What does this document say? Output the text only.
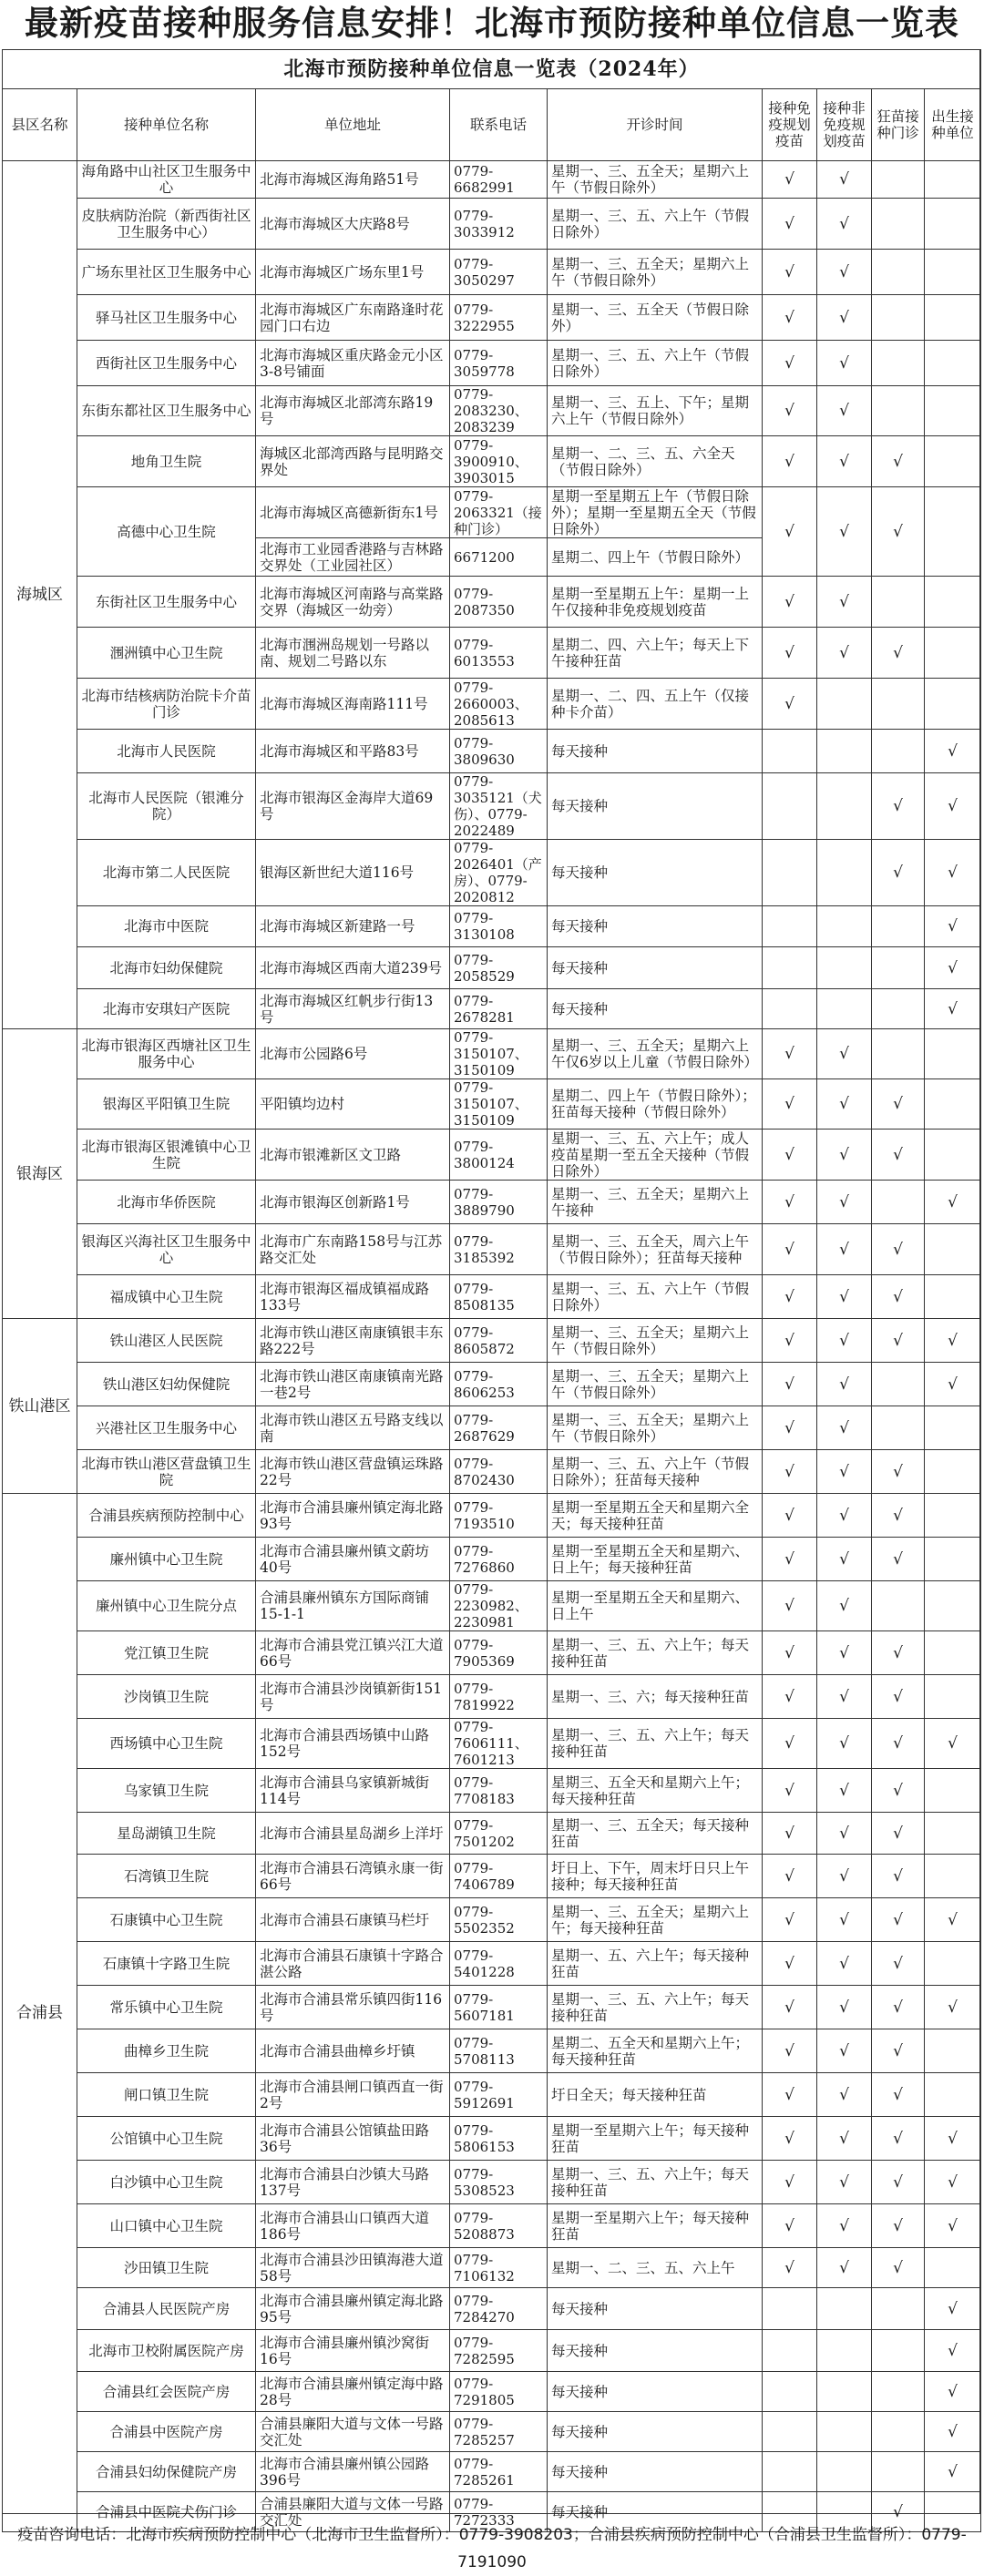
最新疫苗接种服务信息安排！北海市预防接种单位信息一览表
北海市预防接种单位信息一览表（2024年）								
县区名称	接种单位名称	单位地址	联系电话	开诊时间	接种免疫规划疫苗	接种非免疫规划疫苗	狂苗接种门诊	出生接种单位
海城区	海角路中山社区卫生服务中心	北海市海城区海角路51号	0779-6682991	星期一、三、五全天；星期六上午（节假日除外）	√	√		
	皮肤病防治院（新西街社区卫生服务中心）	北海市海城区大庆路8号	0779-3033912	星期一、三、五、六上午（节假日除外）	√	√		
	广场东里社区卫生服务中心	北海市海城区广场东里1号	0779-3050297	星期一、三、五全天；星期六上午（节假日除外）	√	√		
	驿马社区卫生服务中心	北海市海城区广东南路逢时花园门口右边	0779-3222955	星期一、三、五全天（节假日除外）	√	√		
	西街社区卫生服务中心	北海市海城区重庆路金元小区3-8号铺面	0779-3059778	星期一、三、五、六上午（节假日除外）	√	√		
	东街东都社区卫生服务中心	北海市海城区北部湾东路19号	0779-2083230、2083239	星期一、三、五上、下午；星期六上午（节假日除外）	√	√		
	地角卫生院	海城区北部湾西路与昆明路交界处	0779-3900910、3903015	星期一、二、三、五、六全天（节假日除外）	√	√	√	
	高德中心卫生院	北海市海城区高德新街东1号	0779-2063321（接种门诊）	星期一至星期五上午（节假日除外）；星期一至星期五全天（节假日除外）	√	√	√	
		北海市工业园香港路与吉林路交界处（工业园社区）	6671200	星期二、四上午（节假日除外）				
	东街社区卫生服务中心	北海市海城区河南路与高棠路交界（海城区一幼旁）	0779-2087350	星期一至星期五上午：星期一上午仅接种非免疫规划疫苗	√	√		
	涠洲镇中心卫生院	北海市涠洲岛规划一号路以南、规划二号路以东	0779-6013553	星期二、四、六上午；每天上下午接种狂苗	√	√	√	
	北海市结核病防治院卡介苗门诊	北海市海城区海南路111号	0779-2660003、2085613	星期一、二、四、五上午（仅接种卡介苗）	√			
	北海市人民医院	北海市海城区和平路83号	0779-3809630	每天接种				√
	北海市人民医院（银滩分院）	北海市银海区金海岸大道69号	0779-3035121（犬伤）、0779-2022489	每天接种			√	√
	北海市第二人民医院	银海区新世纪大道116号	0779-2026401（产房）、0779-2020812	每天接种			√	√
	北海市中医院	北海市海城区新建路一号	0779-3130108	每天接种				√
	北海市妇幼保健院	北海市海城区西南大道239号	0779-2058529	每天接种				√
	北海市安琪妇产医院	北海市海城区红帆步行街13号	0779-2678281	每天接种				√
银海区	北海市银海区西塘社区卫生服务中心	北海市公园路6号	0779-3150107、3150109	星期一、三、五全天；星期六上午仅6岁以上儿童（节假日除外）	√	√		
	银海区平阳镇卫生院	平阳镇均边村	0779-3150107、3150109	星期二、四上午（节假日除外）；狂苗每天接种（节假日除外）	√	√	√	
	北海市银海区银滩镇中心卫生院	北海市银滩新区文卫路	0779-3800124	星期一、三、五、六上午；成人疫苗星期一至五全天接种（节假日除外）	√	√	√	
	北海市华侨医院	北海市银海区创新路1号	0779-3889790	星期一、三、五全天；星期六上午接种	√	√		√
	银海区兴海社区卫生服务中心	北海市广东南路158号与江苏路交汇处	0779-3185392	星期一、三、五全天，周六上午（节假日除外）；狂苗每天接种	√	√	√	
	福成镇中心卫生院	北海市银海区福成镇福成路133号	0779-8508135	星期一、三、五、六上午（节假日除外）	√	√	√	
铁山港区	铁山港区人民医院	北海市铁山港区南康镇银丰东路222号	0779-8605872	星期一、三、五全天；星期六上午（节假日除外）	√	√	√	√
	铁山港区妇幼保健院	北海市铁山港区南康镇南光路一巷2号	0779-8606253	星期一、三、五全天；星期六上午（节假日除外）	√	√		√
	兴港社区卫生服务中心	北海市铁山港区五号路支线以南	0779-2687629	星期一、三、五全天；星期六上午（节假日除外）	√	√		
	北海市铁山港区营盘镇卫生院	北海市铁山港区营盘镇运珠路22号	0779-8702430	星期一、三、五、六上午（节假日除外）；狂苗每天接种	√	√	√	
合浦县	合浦县疾病预防控制中心	北海市合浦县廉州镇定海北路93号	0779-7193510	星期一至星期五全天和星期六全天；每天接种狂苗	√	√	√	
	廉州镇中心卫生院	北海市合浦县廉州镇文蔚坊40号	0779-7276860	星期一至星期五全天和星期六、日上午；每天接种狂苗	√	√	√	
	廉州镇中心卫生院分点	合浦县廉州镇东方国际商铺15-1-1	0779-2230982、2230981	星期一至星期五全天和星期六、日上午	√	√		
	党江镇卫生院	北海市合浦县党江镇兴江大道66号	0779-7905369	星期一、三、五、六上午；每天接种狂苗	√	√	√	
	沙岗镇卫生院	北海市合浦县沙岗镇新街151号	0779-7819922	星期一、三、六；每天接种狂苗	√	√	√	
	西场镇中心卫生院	北海市合浦县西场镇中山路152号	0779-7606111、7601213	星期一、三、五、六上午；每天接种狂苗	√	√	√	√
	乌家镇卫生院	北海市合浦县乌家镇新城街114号	0779-7708183	星期三、五全天和星期六上午；每天接种狂苗	√	√	√	
	星岛湖镇卫生院	北海市合浦县星岛湖乡上洋圩	0779-7501202	星期一、三、五全天；每天接种狂苗	√	√	√	
	石湾镇卫生院	北海市合浦县石湾镇永康一街66号	0779-7406789	圩日上、下午，周末圩日只上午接种；每天接种狂苗	√	√	√	
	石康镇中心卫生院	北海市合浦县石康镇马栏圩	0779-5502352	星期一、三、五全天；星期六上午；每天接种狂苗	√	√	√	√
	石康镇十字路卫生院	北海市合浦县石康镇十字路合湛公路	0779-5401228	星期一、五、六上午；每天接种狂苗	√	√	√	
	常乐镇中心卫生院	北海市合浦县常乐镇四街116号	0779-5607181	星期一、三、五、六上午；每天接种狂苗	√	√	√	√
	曲樟乡卫生院	北海市合浦县曲樟乡圩镇	0779-5708113	星期二、五全天和星期六上午；每天接种狂苗	√	√	√	
	闸口镇卫生院	北海市合浦县闸口镇西直一街2号	0779-5912691	圩日全天；每天接种狂苗	√	√	√	
	公馆镇中心卫生院	北海市合浦县公馆镇盐田路36号	0779-5806153	星期一至星期六上午；每天接种狂苗	√	√	√	√
	白沙镇中心卫生院	北海市合浦县白沙镇大马路137号	0779-5308523	星期一、三、五、六上午；每天接种狂苗	√	√	√	√
	山口镇中心卫生院	北海市合浦县山口镇西大道186号	0779-5208873	星期一至星期六上午；每天接种狂苗	√	√	√	√
	沙田镇卫生院	北海市合浦县沙田镇海港大道58号	0779-7106132	星期一、二、三、五、六上午	√	√	√	
	合浦县人民医院产房	北海市合浦县廉州镇定海北路95号	0779-7284270	每天接种				√
	北海市卫校附属医院产房	北海市合浦县廉州镇沙窝街16号	0779-7282595	每天接种				√
	合浦县红会医院产房	北海市合浦县廉州镇定海中路28号	0779-7291805	每天接种				√
	合浦县中医院产房	合浦县廉阳大道与文体一号路交汇处	0779-7285257	每天接种				√
	合浦县妇幼保健院产房	北海市合浦县廉州镇公园路396号	0779-7285261	每天接种				√
	合浦县中医院犬伤门诊	合浦县廉阳大道与文体一号路交汇处	0779-7272333	每天接种			√	
疫苗咨询电话：北海市疾病预防控制中心（北海市卫生监督所）：0779-3908203；合浦县疾病预防控制中心（合浦县卫生监督所）：0779-7191090
